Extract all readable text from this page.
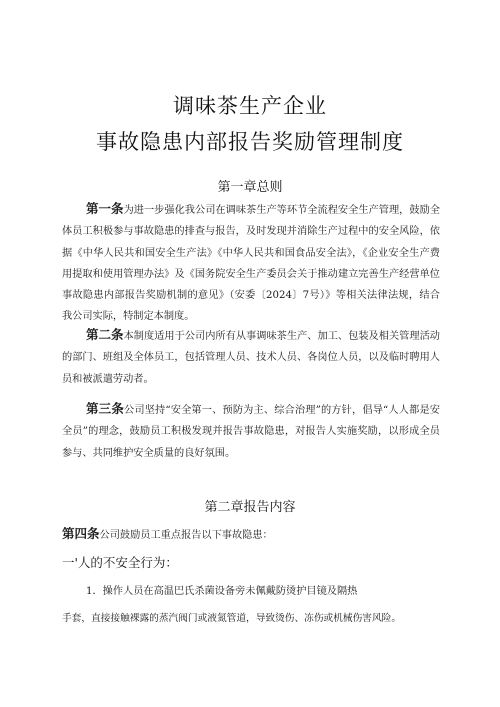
调味茶生产企业
事故隐患内部报告奖励管理制度
第一章总则
第一条为进一步强化我公司在调味茶生产等环节全流程安全生产管理，鼓励全体员工积极参与事故隐患的排查与报告，及时发现并消除生产过程中的安全风险，依据《中华人民共和国安全生产法》《中华人民共和国食品安全法》，《企业安全生产费用提取和使用管理办法》及《国务院安全生产委员会关于推动建立完善生产经营单位事故隐患内部报告奖励机制的意见》（安委〔2024〕7号）》等相关法律法规，结合我公司实际，特制定本制度。
第二条本制度适用于公司内所有从事调味茶生产、加工、包装及相关管理活动的部门、班组及全体员工，包括管理人员、技术人员、各岗位人员，以及临时聘用人员和被派遣劳动者。
第三条公司坚持“安全第一、预防为主、综合治理”的方针，倡导“人人都是安全员”的理念，鼓励员工积极发现并报告事故隐患，对报告人实施奖励，以形成全员参与、共同维护安全质量的良好氛围。
第二章报告内容
第四条公司鼓励员工重点报告以下事故隐患：
一'人的不安全行为：
1．操作人员在高温巴氏杀菌设备旁未佩戴防烫护目镜及隔热
手套，直接接触裸露的蒸汽阀门或液氮管道，导致烫伤、冻伤或机械伤害风险。
